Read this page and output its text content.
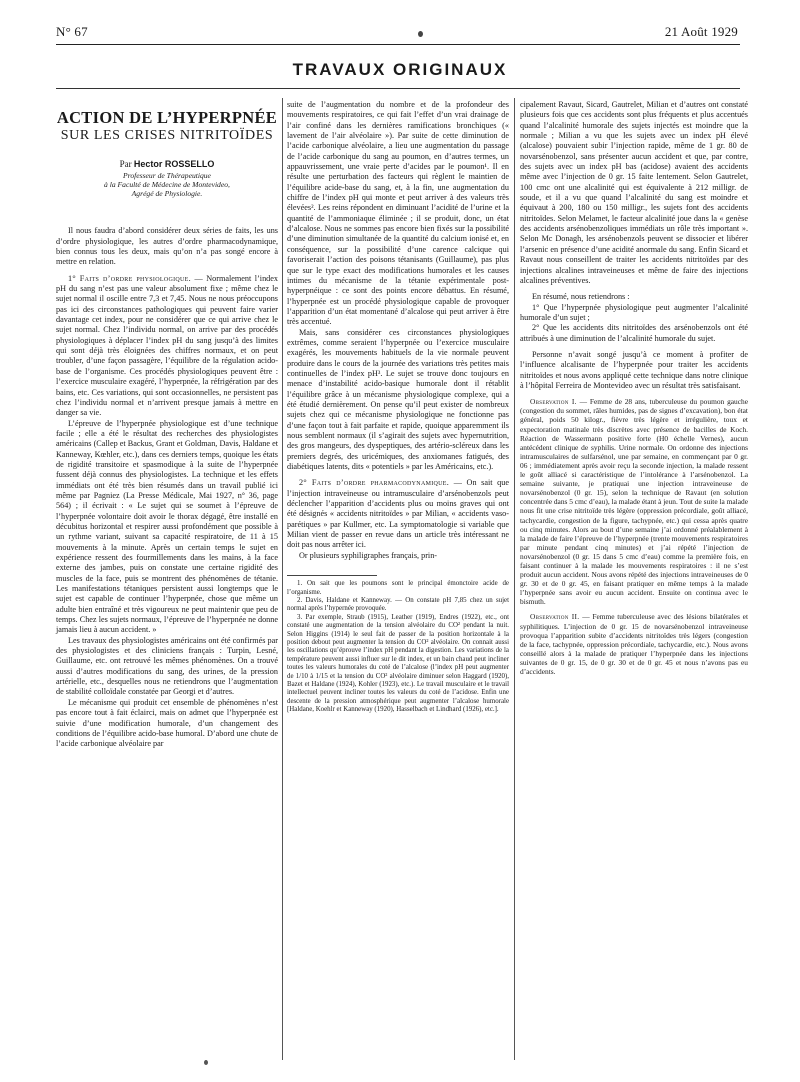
N° 67	21 Août 1929
TRAVAUX ORIGINAUX
ACTION DE L’HYPERPNÉE
SUR LES CRISES NITRITOÏDES
Par Hector ROSSELLO
Professeur de Thérapeutique
à la Faculté de Médecine de Montevideo,
Agrégé de Physiologie.

Il nous faudra d’abord considérer deux séries de faits, les uns d’ordre physiologique, les autres d’ordre pharmacodynamique, bien connus tous les deux, mais qu’on n’a pas songé encore à mettre en relation.

1° Faits d’ordre physiologique. — Normalement l’index pH du sang n’est pas une valeur absolument fixe ; même chez le sujet normal il oscille entre 7,3 et 7,45. Nous ne nous préoccupons pas ici des circonstances pathologiques qui peuvent faire varier davantage cet index, pour ne considérer que ce qui arrive chez le sujet normal. Chez l’individu normal, on arrive par des procédés physiologiques à déplacer l’index pH du sang jusqu’à des limites qui sont déjà très éloignées des chiffres normaux, et on peut troubler, d’une façon passagère, l’équilibre de la régulation acido-base de l’organisme. Ces procédés physiologiques peuvent être : l’exercice musculaire exagéré, l’hyperpnée, la réfrigération par des bains, etc. Ces variations, qui sont occasionnelles, ne persistent pas chez l’individu normal et n’arrivent presque jamais à mettre en danger sa vie.

L’épreuve de l’hyperpnée physiologique est d’une technique facile ; elle a été le résultat des recherches des physiologistes américains (Callep et Backus, Grant et Goldman, Davis, Haldane et Kanneway, Kœhler, etc.), dans ces derniers temps, quoique les états de rigidité transitoire et spasmodique à la suite de l’hyperpnée fussent déjà connus des physiologistes. La technique et les effets immédiats ont été très bien résumés dans un travail publié ici même par Pagniez (La Presse Médicale, Mai 1927, n° 36, page 564) ; il écrivait : « Le sujet qui se soumet à l’épreuve de l’hyperpnée volontaire doit avoir le thorax dégagé, être installé en décubitus horizontal et respirer aussi profondément que possible à un rythme variant, suivant sa capacité respiratoire, de 11 à 15 mouvements à la minute. Après un certain temps le sujet en expérience ressent des fourmillements dans les mains, à la face externe des jambes, puis on constate une certaine rigidité des muscles de la face, puis se montrent des phénomènes de tétanie. Les manifestations tétaniques persistent aussi longtemps que le sujet est capable de continuer l’hyperpnée, chose que même un adulte bien entraîné et très vigoureux ne peut maintenir que peu de temps. Chez les sujets normaux, l’épreuve de l’hyperpnée ne donne jamais lieu à aucun accident. »

Les travaux des physiologistes américains ont été confirmés par des physiologistes et des cliniciens français : Turpin, Lesné, Guillaume, etc. ont retrouvé les mêmes phénomènes. On a trouvé aussi d’autres modifications du sang, des urines, de la pression artérielle, etc., desquelles nous ne retiendrons que l’augmentation de stabilité colloïdale constatée par Georgi et d’autres.

Le mécanisme qui produit cet ensemble de phénomènes n’est pas encore tout à fait éclairci, mais on admet que l’hyperpnée est suivie d’une modification humorale, d’un changement des conditions de l’équilibre acido-base humoral. D’abord une chute de l’acide carbonique alvéolaire par

suite de l’augmentation du nombre et de la profondeur des mouvements respiratoires, ce qui fait l’effet d’un vrai drainage de l’air confiné dans les dernières ramifications bronchiques (« lavement de l’air alvéolaire »). Par suite de cette diminution de l’acide carbonique alvéolaire, a lieu une augmentation du passage de l’acide carbonique du sang au poumon, en d’autres termes, un appauvrissement, une vraie perte d’acides par le poumon¹. Il en résulte une perturbation des facteurs qui règlent le maintien de l’équilibre acide-base du sang, et, à la fin, une augmentation du chiffre de l’index pH qui monte et peut arriver à des valeurs très élevées². Les reins répondent en diminuant l’acidité de l’urine et la quantité de l’ammoniaque éliminée ; il se produit, donc, un état d’alcalose. Nous ne sommes pas encore bien fixés sur la possibilité d’une diminution simultanée de la quantité du calcium ionisé et, en conséquence, sur la possibilité d’une carence calcique qui favoriserait l’action des poisons tétanisants (Guillaume), pas plus que sur le type exact des modifications humorales et les causes intimes du mécanisme de la tétanie expérimentale post-hyperpnéique : ce sont des points encore débattus. En résumé, l’hyperpnée est un procédé physiologique capable de provoquer l’apparition d’un état momentané d’alcalose qui peut arriver à être très accentué.

Mais, sans considérer ces circonstances physiologiques extrêmes, comme seraient l’hyperpnée ou l’exercice musculaire exagérés, les mouvements habituels de la vie normale peuvent produire dans le cours de la journée des variations très petites mais continuelles de l’index pH³. Le sujet se trouve donc toujours en menace d’instabilité acido-basique humorale dont il rétablit l’équilibre grâce à un mécanisme physiologique complexe, qui a été étudié dernièrement. On pense qu’il peut exister de nombreux sujets chez qui ce mécanisme physiologique ne fonctionne pas d’une façon tout à fait parfaite et rapide, quoique apparemment ils nous semblent normaux (il s’agirait des sujets avec hypernutrition, des gros mangeurs, des dyspeptiques, des artério-scléreux dans les premiers degrés, des uricémiques, des anxiomanes fatigués, des diabétiques latents, dits « potentiels » par les Américains, etc.).

2° Faits d’ordre pharmacodynamique. — On sait que l’injection intraveineuse ou intramusculaire d’arsénobenzols peut déclencher l’apparition d’accidents plus ou moins graves qui ont été désignés « accidents nitritoïdes » par Milian, « accidents vaso-parétiques » par Kullmer, etc. La symptomatologie si variable que Milian vient de passer en revue dans un article très intéressant ne doit pas nous arrêter ici.

Or plusieurs syphiligraphes français, prin-

1. On sait que les poumons sont le principal émonctoire acide de l’organisme.

2. Davis, Haldane et Kanneway. — On constate pH 7,85 chez un sujet normal après l’hypernée provoquée.

3. Par exemple, Straub (1915), Leather (1919), Endres (1922), etc., ont constaté une augmentation de la tension alvéolaire du CO² pendant la nuit. Selon Higgins (1914) le seul fait de passer de la position horizontale à la position debout peut augmenter la tension du CO² alvéolaire. On connait aussi les oscillations qu’éprouve l’index pH pendant la digestion. Les variations de la température peuvent aussi influer sur le dit index, et un bain chaud peut incliner toutes les valeurs humorales du coté de l’alcalose (l’index pH peut augmenter de 1/10 à 1/15 et la tension du CO² alvéolaire diminuer selon Haggard (1920), Bazet et Haldane (1924), Kohler (1923), etc.). Le travail musculaire et le travail intellectuel peuvent incliner toutes les valeurs du coté de l’acidose. Enfin une descente de la pression atmosphérique peut augmenter l’alcalose humorale [Haldane, Koehlr et Kanneway (1920), Hasselbach et Lindhard (1926), etc.].

cipalement Ravaut, Sicard, Gautrelet, Milian et d’autres ont constaté plusieurs fois que ces accidents sont plus fréquents et plus accentués quand l’alcalinité humorale des sujets injectés est moindre que la normale ; Milian a vu que les sujets avec un index pH élevé (alcalose) pouvaient subir l’injection rapide, même de 1 gr. 80 de novarsénobenzol, sans présenter aucun accident et que, par contre, des sujets avec un index pH bas (acidose) avaient des accidents même avec l’injection de 0 gr. 15 faite lentement. Selon Gautrelet, 100 cmc ont une alcalinité qui est équivalente à 212 milligr. de soude, et il a vu que quand l’alcalinité du sang est moindre et équivaut à 200, 180 ou 150 milligr., les sujets font des accidents nitritoïdes. Selon Melamet, le facteur alcalinité joue dans la « genèse des accidents arsénobenzoliques immédiats un rôle très important ». Selon Mc Donagh, les arsénobenzols peuvent se dissocier et libérer l’arsenic en présence d’une acidité anormale du sang. Enfin Sicard et Ravaut nous conseillent de traiter les accidents nitritoïdes par des injections alcalines intraveineuses et même de faire des injections alcalines préventives.

En résumé, nous retiendrons :

1° Que l’hyperpnée physiologique peut augmenter l’alcalinité humorale d’un sujet ;

2° Que les accidents dits nitritoïdes des arsénobenzols ont été attribués à une diminution de l’alcalinité humorale du sujet.

Personne n’avait songé jusqu’à ce moment à profiter de l’influence alcalisante de l’hyperpnée pour traiter les accidents nitritoïdes et nous avons appliqué cette technique dans notre clinique à l’hôpital Ferreira de Montevideo avec un résultat très satisfaisant.

Observation I. — Femme de 28 ans, tuberculeuse du poumon gauche (congestion du sommet, râles humides, pas de signes d’excavation), bon état général, poids 50 kilogr., fièvre très légère et irrégulière, toux et expectoration matinale très discrètes avec présence de bacilles de Koch. Réaction de Wassermann positive forte (H0 échelle Vernes), aucun antécédent clinique de syphilis. Urine normale. On ordonne des injections intramusculaires de sulfarsénol, une par semaine, en commençant par 0 gr. 06 ; immédiatement après avoir reçu la seconde injection, la malade ressent le goût alliacé si caractéristique de l’intolérance à l’arsénobenzol. La semaine suivante, je pratiquai une injection intraveineuse de novarsénobenzol (0 gr. 15), selon la technique de Ravaut (en solution concentrée dans 5 cmc d’eau), la malade étant à jeun. Tout de suite la malade nous fit une crise nitritoïde très légère (oppression précordiale, goût alliacé, tachycardie, congestion de la figure, tachypnée, etc.) qui cessa après quatre ou cinq minutes. Alors au bout d’une semaine j’ai ordonné préalablement à la malade de faire l’épreuve de l’hyperpnée (trente mouvements respiratoires par minute pendant cinq minutes) et j’ai répété l’injection de novarsénobenzol (0 gr. 15 dans 5 cmc d’eau) comme la première fois, en faisant continuer à la malade les mouvements respiratoires : il ne s’est produit aucun accident. Nous avons répété des injections intraveineuses de 0 gr. 30 et de 0 gr. 45, en faisant pratiquer en même temps à la malade l’hyperpnée sans avoir eu aucun accident. Ensuite on continua avec le bismuth.

Observation II. — Femme tuberculeuse avec des lésions bilatérales et syphilitiques. L’injection de 0 gr. 15 de novarsénobenzol intraveineuse provoqua l’apparition subite d’accidents nitritoïdes très légers (congestion de la face, tachypnée, oppression précordiale, tachycardie, etc.). Nous avons conseillé alors à la malade de pratiquer l’hyperpnée dans les injections suivantes de 0 gr. 15, de 0 gr. 30 et de 0 gr. 45 et nous n’avons pas eu d’accidents.
